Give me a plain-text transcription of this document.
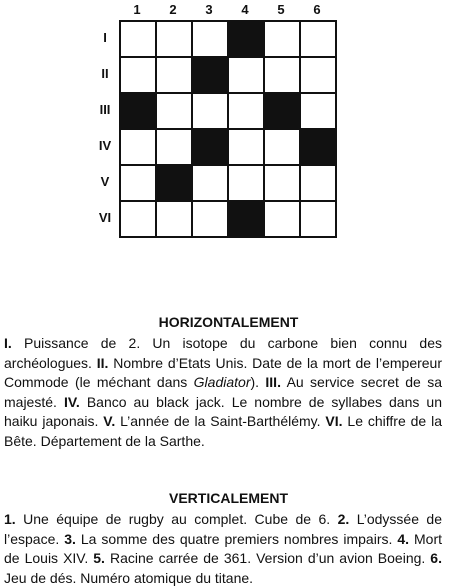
1	2	3	4	5	6
I
II
III
IV
V
VI
HORIZONTALEMENT
I. Puissance de 2. Un isotope du carbone bien connu des archéologues. II. Nombre d’Etats Unis. Date de la mort de l’empereur Commode (le méchant dans Gladiator). III. Au service secret de sa majesté. IV. Banco au black jack. Le nombre de syllabes dans un haiku japonais. V. L’année de la Saint-Barthélémy. VI. Le chiffre de la Bête. Département de la Sarthe.
VERTICALEMENT
1. Une équipe de rugby au complet. Cube de 6. 2. L’odyssée de l’espace. 3. La somme des quatre premiers nombres impairs. 4. Mort de Louis XIV. 5. Racine carrée de 361. Version d’un avion Boeing. 6. Jeu de dés. Numéro atomique du titane.
